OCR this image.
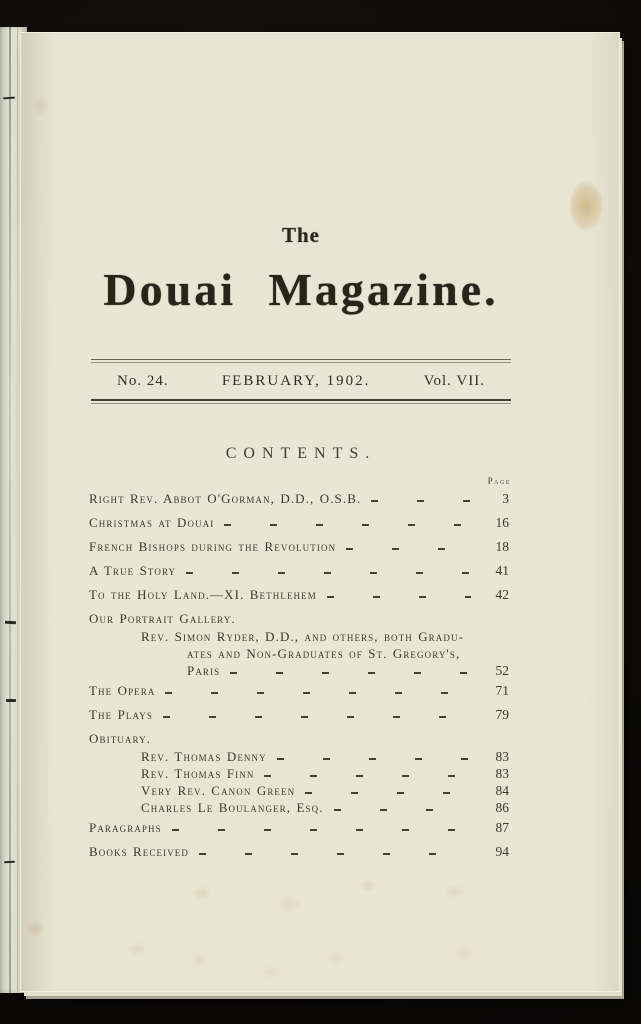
The
Douai Magazine.
No. 24.	FEBRUARY, 1902.	Vol. VII.
CONTENTS.
Page
Right Rev. Abbot O'Gorman, D.D., O.S.B.	3
Christmas at Douai	16
French Bishops during the Revolution	18
A True Story	41
To the Holy Land.—XI. Bethlehem	42
Our Portrait Gallery.
Rev. Simon Ryder, D.D., and others, both Gradu-
ates and Non-Graduates of St. Gregory's,
Paris	52
The Opera	71
The Plays	79
Obituary.
Rev. Thomas Denny	83
Rev. Thomas Finn	83
Very Rev. Canon Green	84
Charles Le Boulanger, Esq.	86
Paragraphs	87
Books Received	94
